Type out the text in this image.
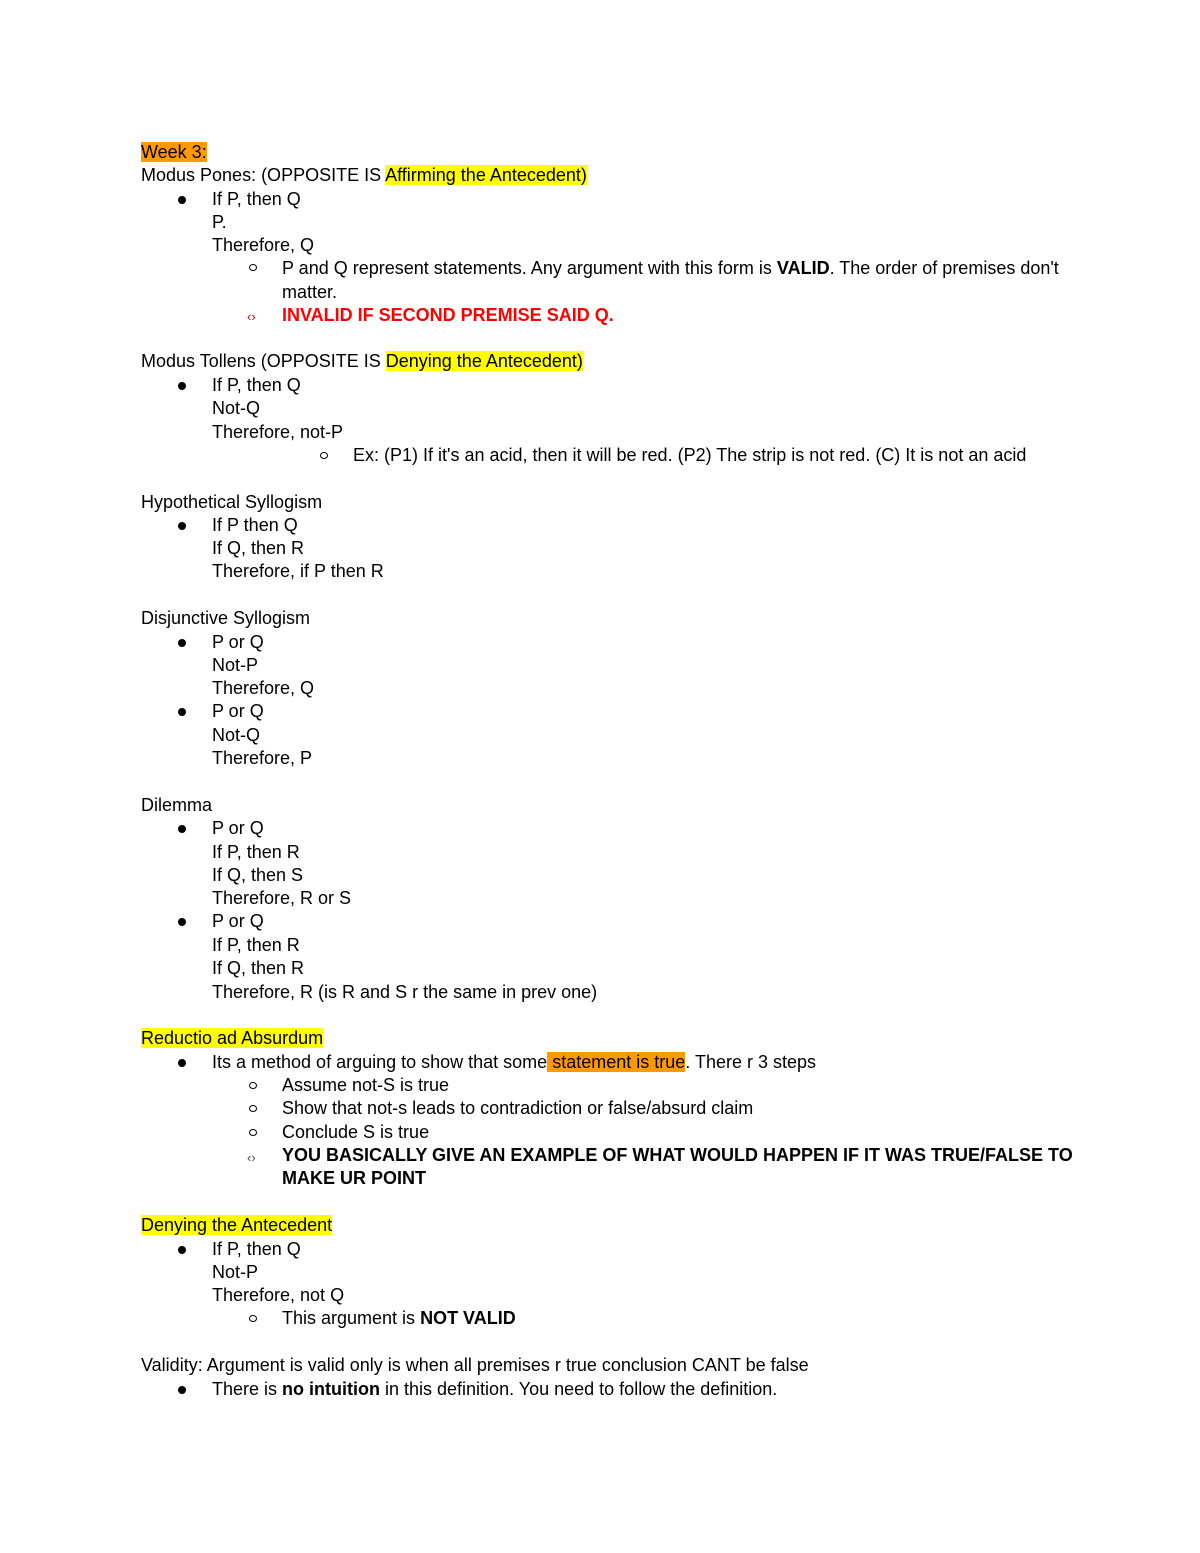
Week 3:
Modus Pones: (OPPOSITE IS Affirming the Antecedent)
If P, then Q
P.
Therefore, Q
P and Q represent statements. Any argument with this form is VALID. The order of premises don't
matter.
‹› INVALID IF SECOND PREMISE SAID Q.
Modus Tollens (OPPOSITE IS Denying the Antecedent)
If P, then Q
Not-Q
Therefore, not-P
Ex: (P1) If it's an acid, then it will be red. (P2) The strip is not red. (C) It is not an acid
Hypothetical Syllogism
If P then Q
If Q, then R
Therefore, if P then R
Disjunctive Syllogism
P or Q
Not-P
Therefore, Q
P or Q
Not-Q
Therefore, P
Dilemma
P or Q
If P, then R
If Q, then S
Therefore, R or S
P or Q
If P, then R
If Q, then R
Therefore, R (is R and S r the same in prev one)
Reductio ad Absurdum
Its a method of arguing to show that some statement is true. There r 3 steps
Assume not-S is true
Show that not-s leads to contradiction or false/absurd claim
Conclude S is true
‹› YOU BASICALLY GIVE AN EXAMPLE OF WHAT WOULD HAPPEN IF IT WAS TRUE/FALSE TO
MAKE UR POINT
Denying the Antecedent
If P, then Q
Not-P
Therefore, not Q
This argument is NOT VALID
Validity: Argument is valid only is when all premises r true conclusion CANT be false
There is no intuition in this definition. You need to follow the definition.
